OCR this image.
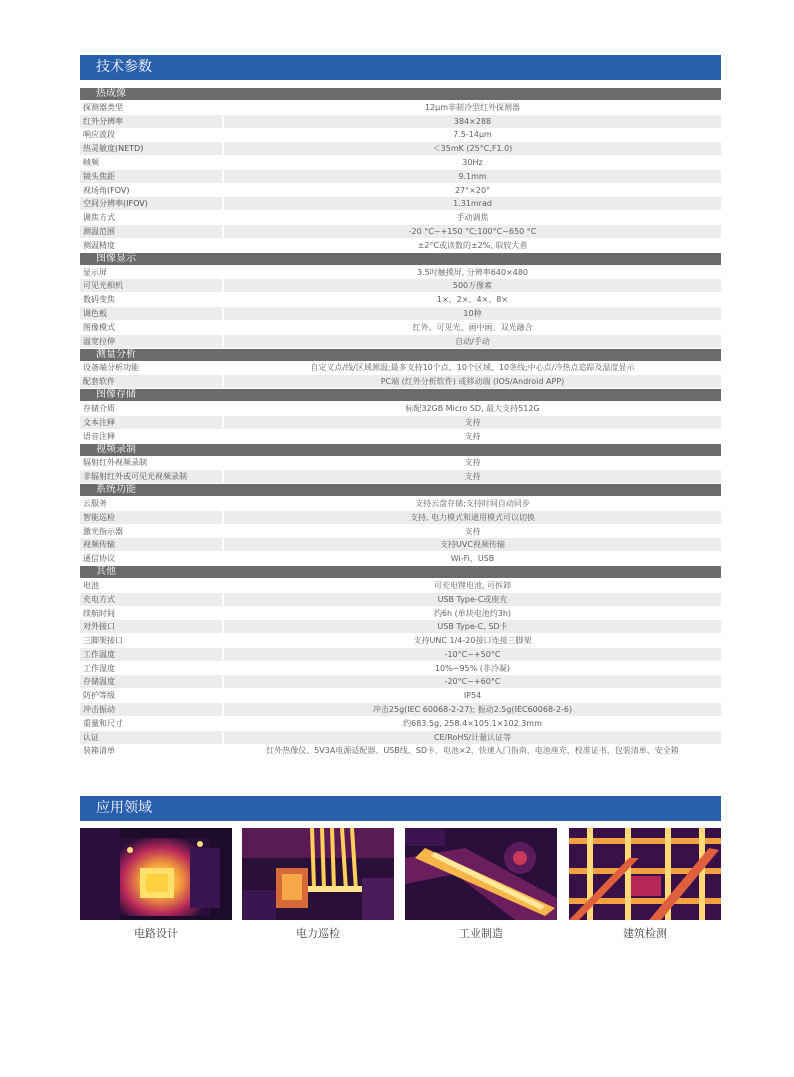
技术参数
热成像
探测器类型	12μm非制冷型红外探测器
红外分辨率	384×288
响应波段	7.5-14μm
热灵敏度(NETD)	＜35mK (25°C,F1.0)
帧频	30Hz
镜头焦距	9.1mm
视场角(FOV)	27°×20°
空间分辨率(IFOV)	1.31mrad
调焦方式	手动调焦
测温范围	-20 °C~+150 °C;100°C~650 °C
测温精度	±2°C或读数的±2%, 取较大者
图像显示
显示屏	3.5吋触摸屏, 分辨率640×480
可见光相机	500万像素
数码变焦	1×、2×、4×、8×
调色板	10种
图像模式	红外、可见光、画中画、双光融合
温宽拉伸	自动/手动
测量分析
设备端分析功能	自定义点/线/区域测温;最多支持10个点、10个区域、10条线;中心点/冷热点追踪及温度显示
配套软件	PC端 (红外分析软件) 或移动端 (IOS/Android APP)
图像存储
存储介质	标配32GB Micro SD, 最大支持512G
文本注释	支持
语音注释	支持
视频录制
辐射红外视频录制	支持
非辐射红外或可见光视频录制	支持
系统功能
云服务	支持云盘存储;支持时间自动同步
智能巡检	支持, 电力模式和通用模式可以切换
激光指示器	支持
视频传输	支持UVC视频传输
通信协议	Wi-Fi、USB
其他
电池	可充电锂电池, 可拆卸
充电方式	USB Type-C或座充
续航时间	约6h (单块电池约3h)
对外接口	USB Type-C, SD卡
三脚架接口	支持UNC 1/4-20接口连接三脚架
工作温度	-10°C~+50°C
工作湿度	10%~95% (非冷凝)
存储温度	-20°C~+60°C
防护等级	IP54
冲击振动	冲击25g(IEC 60068-2-27); 振动2.5g(IEC60068-2-6)
重量和尺寸	约683.5g, 258.4×105.1×102.3mm
认证	CE/RoHS/计量认证等
装箱清单	红外热像仪、5V3A电源适配器、USB线、SD卡、电池×2、快速入门指南、电池座充、校准证书、包装清单、安全箱
应用领域
电路设计	电力巡检	工业制造	建筑检测
